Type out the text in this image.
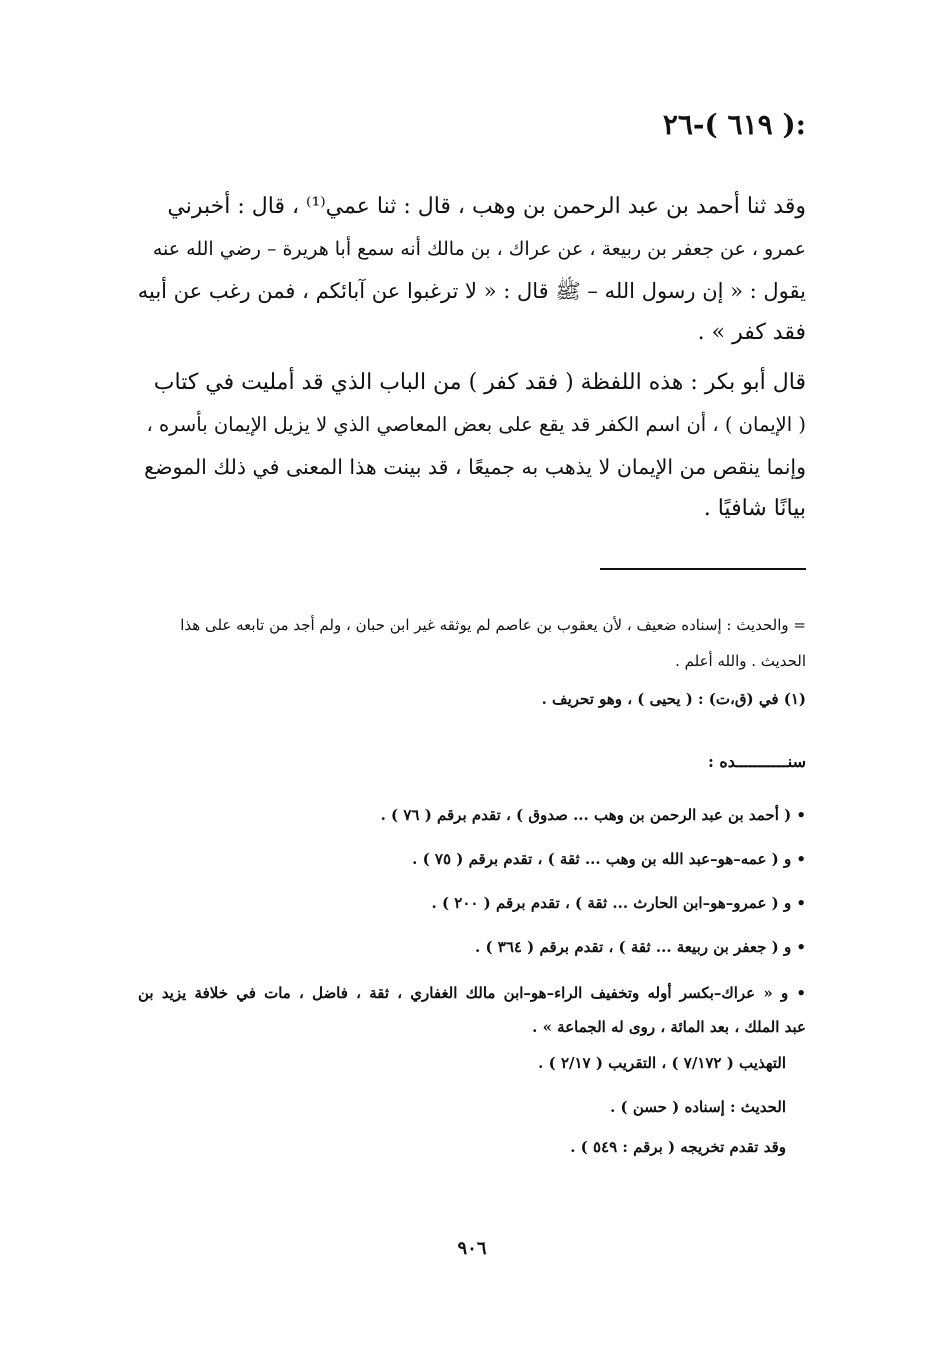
:( ٦١٩ )-٢٦
وقد ثنا أحمد بن عبد الرحمن بن وهب ، قال : ثنا عمي⁽¹⁾ ، قال : أخبرني
عمرو ، عن جعفر بن ربيعة ، عن عراك ، بن مالك أنه سمع أبا هريرة – رضي الله عنه
يقول : « إن رسول الله – ﷺ قال : « لا ترغبوا عن آبائكم ، فمن رغب عن أبيه
فقد كفر » .
قال أبو بكر : هذه اللفظة ( فقد كفر ) من الباب الذي قد أمليت في كتاب
( الإيمان ) ، أن اسم الكفر قد يقع على بعض المعاصي الذي لا يزيل الإيمان بأسره ،
وإنما ينقص من الإيمان لا يذهب به جميعًا ، قد بينت هذا المعنى في ذلك الموضع
بيانًا شافيًا .
= والحديث : إسناده ضعيف ، لأن يعقوب بن عاصم لم يوثقه غير ابن حبان ، ولم أجد من تابعه على هذا
الحديث . والله أعلم .
(١) في (ق،ت) : ( يحيى ) ، وهو تحريف .
سنـــــــــــده :
• ( أحمد بن عبد الرحمن بن وهب ... صدوق ) ، تقدم برقم ( ٧٦ ) .
• و ( عمه–هو–عبد الله بن وهب ... ثقة ) ، تقدم برقم ( ٧٥ ) .
• و ( عمرو–هو–ابن الحارث ... ثقة ) ، تقدم برقم ( ٢٠٠ ) .
• و ( جعفر بن ربيعة ... ثقة ) ، تقدم برقم ( ٣٦٤ ) .
• و « عراك–بكسر أوله وتخفيف الراء–هو–ابن مالك الغفاري ، ثقة ، فاضل ، مات في خلافة يزيد بن
عبد الملك ، بعد المائة ، روى له الجماعة » .
التهذيب ( ٧/١٧٢ ) ، التقريب ( ٢/١٧ ) .
الحديث : إسناده ( حسن ) .
وقد تقدم تخريجه ( برقم : ٥٤٩ ) .
٩٠٦
